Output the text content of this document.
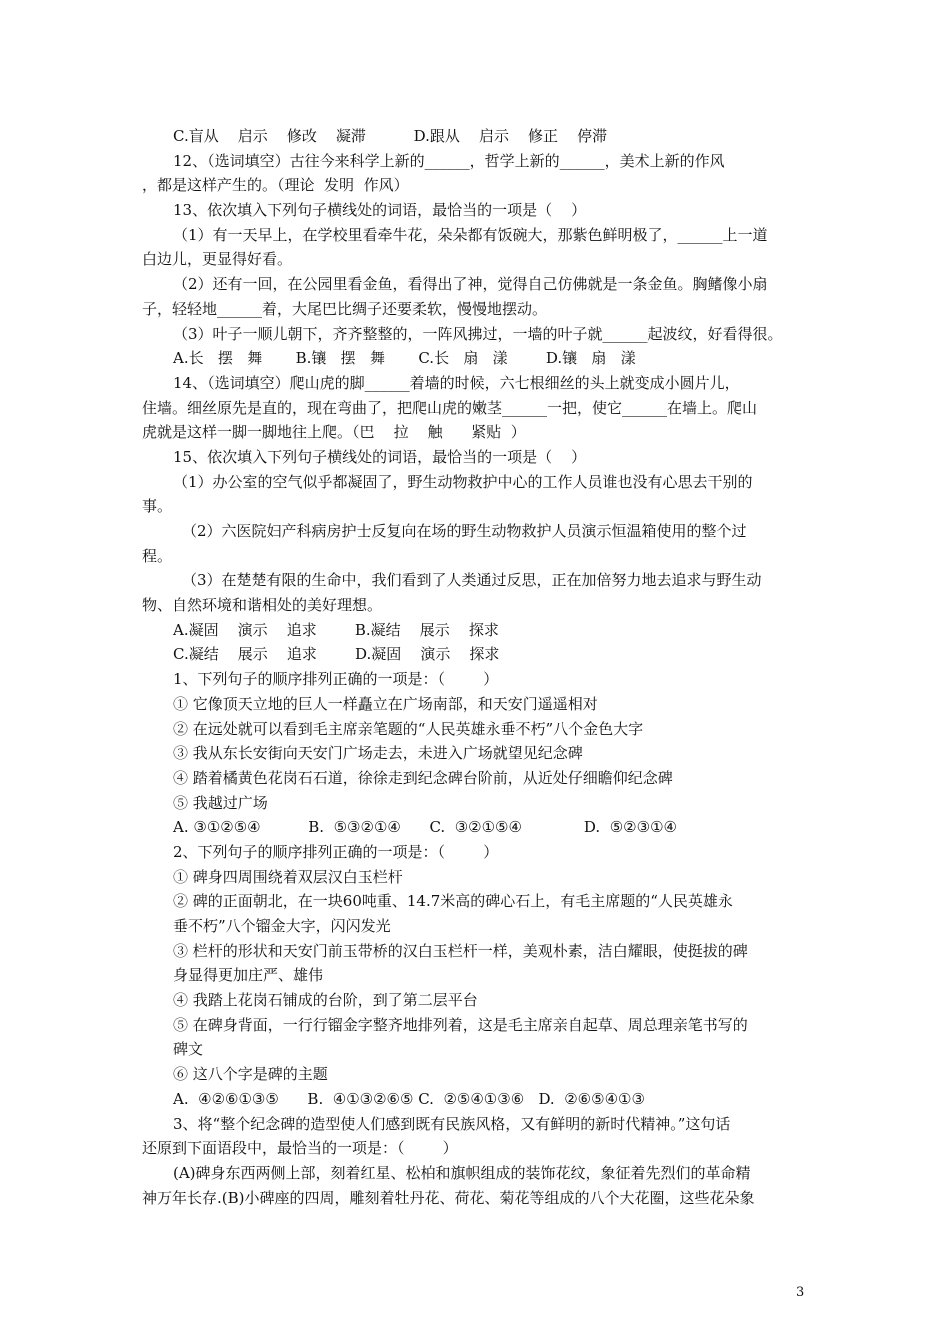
C.盲从    启示    修改    凝滞          D.跟从    启示    修正    停滞
12、（选词填空）古往今来科学上新的______，哲学上新的______，美术上新的作风
，都是这样产生的。（理论  发明  作风）
13、依次填入下列句子横线处的词语，最恰当的一项是（    ）
（1）有一天早上，在学校里看牵牛花，朵朵都有饭碗大，那紫色鲜明极了，______上一道
白边儿，更显得好看。
（2）还有一回，在公园里看金鱼，看得出了神，觉得自己仿佛就是一条金鱼。胸鳍像小扇
子，轻轻地______着，大尾巴比绸子还要柔软，慢慢地摆动。
（3）叶子一顺儿朝下，齐齐整整的，一阵风拂过，一墙的叶子就______起波纹，好看得很。
A.长   摆   舞       B.镶   摆   舞       C.长   扇   漾        D.镶   扇   漾
14、（选词填空）爬山虎的脚______着墙的时候，六七根细丝的头上就变成小圆片儿，
住墙。细丝原先是直的，现在弯曲了，把爬山虎的嫩茎______一把，使它______在墙上。爬山
虎就是这样一脚一脚地往上爬。（巴    拉    触      紧贴  ）
15、依次填入下列句子横线处的词语，最恰当的一项是（    ）
（1）办公室的空气似乎都凝固了，野生动物救护中心的工作人员谁也没有心思去干别的
事。
（2）六医院妇产科病房护士反复向在场的野生动物救护人员演示恒温箱使用的整个过
程。
（3）在楚楚有限的生命中，我们看到了人类通过反思，正在加倍努力地去追求与野生动
物、自然环境和谐相处的美好理想。
A.凝固    演示    追求        B.凝结    展示    探求
C.凝结    展示    追求        D.凝固    演示    探求
1、下列句子的顺序排列正确的一项是：（        ）
① 它像顶天立地的巨人一样矗立在广场南部，和天安门遥遥相对
② 在远处就可以看到毛主席亲笔题的“人民英雄永垂不朽”八个金色大字
③ 我从东长安街向天安门广场走去，未进入广场就望见纪念碑
④ 踏着橘黄色花岗石石道，徐徐走到纪念碑台阶前，从近处仔细瞻仰纪念碑
⑤ 我越过广场
A. ③①②⑤④          B.  ⑤③②①④      C.  ③②①⑤④             D.  ⑤②③①④
2、下列句子的顺序排列正确的一项是：（        ）
① 碑身四周围绕着双层汉白玉栏杆
② 碑的正面朝北，在一块60吨重、14.7米高的碑心石上，有毛主席题的“人民英雄永
垂不朽”八个镏金大字，闪闪发光
③ 栏杆的形状和天安门前玉带桥的汉白玉栏杆一样，美观朴素，洁白耀眼，使挺拔的碑
身显得更加庄严、雄伟
④ 我踏上花岗石铺成的台阶，到了第二层平台
⑤ 在碑身背面，一行行镏金字整齐地排列着，这是毛主席亲自起草、周总理亲笔书写的
碑文
⑥ 这八个字是碑的主题
A.  ④②⑥①③⑤      B.  ④①③②⑥⑤ C.  ②⑤④①③⑥   D.  ②⑥⑤④①③
3、将“整个纪念碑的造型使人们感到既有民族风格，又有鲜明的新时代精神。”这句话
还原到下面语段中，最恰当的一项是：（        ）
(A)碑身东西两侧上部，刻着红星、松柏和旗帜组成的装饰花纹，象征着先烈们的革命精
神万年长存.(B)小碑座的四周，雕刻着牡丹花、荷花、菊花等组成的八个大花圈，这些花朵象
3
